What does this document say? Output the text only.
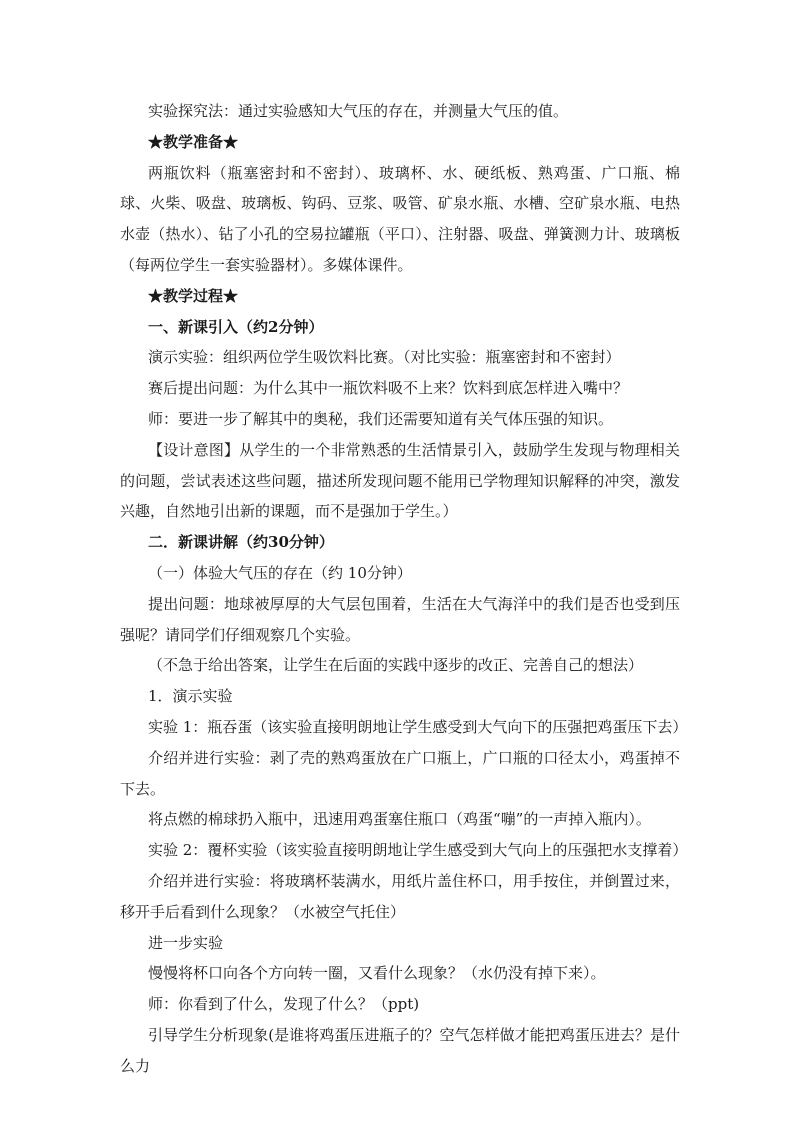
实验探究法：通过实验感知大气压的存在，并测量大气压的值。

★教学准备★

两瓶饮料（瓶塞密封和不密封）、玻璃杯、水、硬纸板、熟鸡蛋、广口瓶、棉球、火柴、吸盘、玻璃板、钩码、豆浆、吸管、矿泉水瓶、水槽、空矿泉水瓶、电热水壶（热水）、钻了小孔的空易拉罐瓶（平口）、注射器、吸盘、弹簧测力计、玻璃板（每两位学生一套实验器材）。多媒体课件。

★教学过程★

一、新课引入（约2分钟）

演示实验：组织两位学生吸饮料比赛。（对比实验：瓶塞密封和不密封）

赛后提出问题：为什么其中一瓶饮料吸不上来？饮料到底怎样进入嘴中？

师：要进一步了解其中的奥秘，我们还需要知道有关气体压强的知识。

【设计意图】从学生的一个非常熟悉的生活情景引入，鼓励学生发现与物理相关的问题，尝试表述这些问题，描述所发现问题不能用已学物理知识解释的冲突，激发兴趣，自然地引出新的课题，而不是强加于学生。）

二．新课讲解（约30分钟）

（一）体验大气压的存在（约 10分钟）

提出问题：地球被厚厚的大气层包围着，生活在大气海洋中的我们是否也受到压强呢？请同学们仔细观察几个实验。

（不急于给出答案，让学生在后面的实践中逐步的改正、完善自己的想法）

1．演示实验

实验 1：瓶吞蛋（该实验直接明朗地让学生感受到大气向下的压强把鸡蛋压下去）

介绍并进行实验：剥了壳的熟鸡蛋放在广口瓶上，广口瓶的口径太小，鸡蛋掉不下去。

将点燃的棉球扔入瓶中，迅速用鸡蛋塞住瓶口（鸡蛋“嘣”的一声掉入瓶内）。

实验 2：覆杯实验（该实验直接明朗地让学生感受到大气向上的压强把水支撑着）

介绍并进行实验：将玻璃杯装满水，用纸片盖住杯口，用手按住，并倒置过来，移开手后看到什么现象？（水被空气托住）

进一步实验

慢慢将杯口向各个方向转一圈，又看什么现象？（水仍没有掉下来）。

师：你看到了什么，发现了什么？（ppt)

引导学生分析现象(是谁将鸡蛋压进瓶子的？空气怎样做才能把鸡蛋压进去？是什么力
